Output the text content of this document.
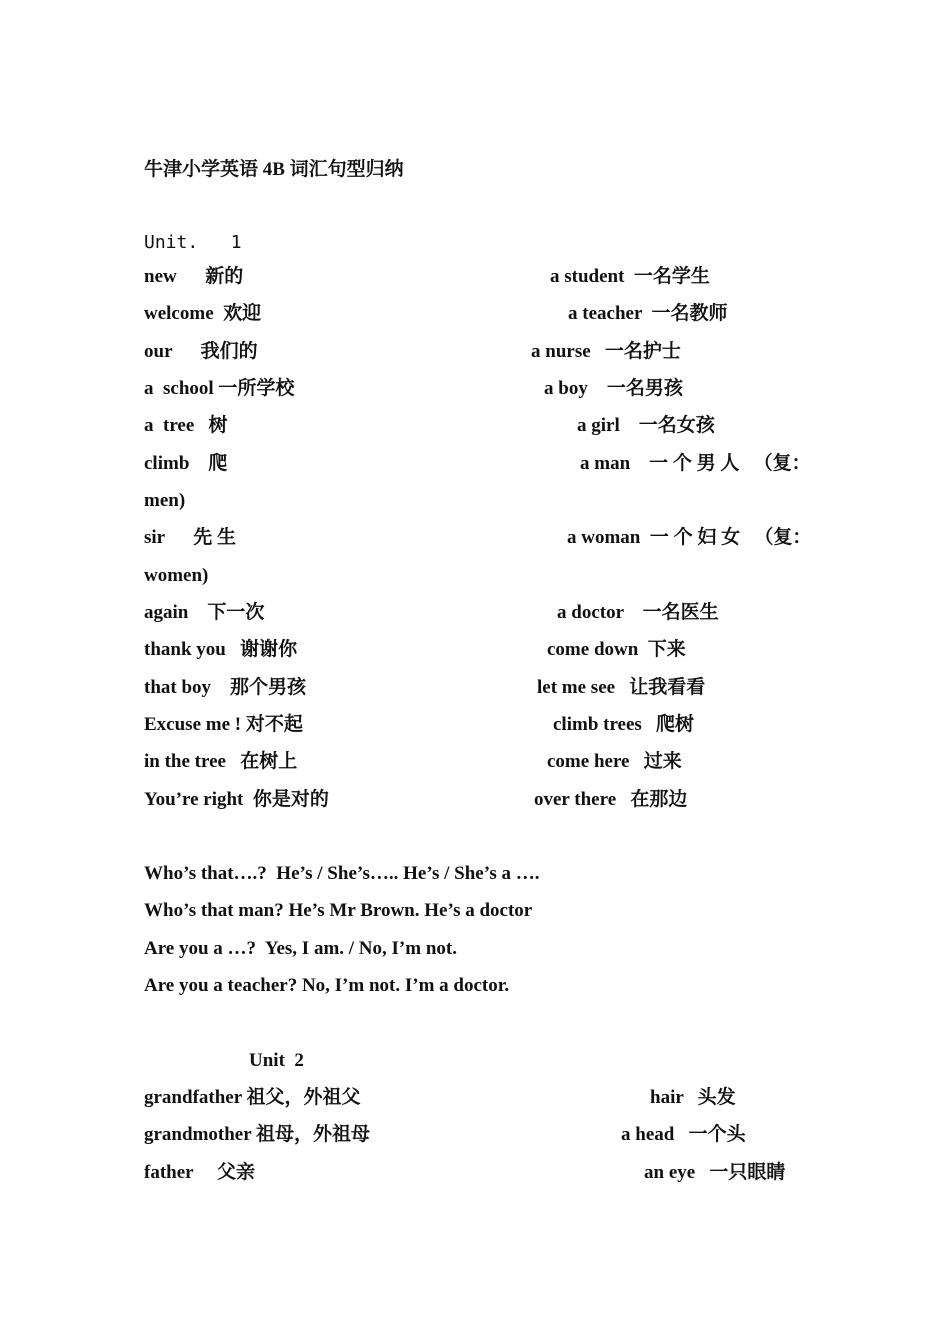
牛津小学英语 4B 词汇句型归纳
Unit.   1
new      新的
welcome  欢迎
our      我们的
a  school 一所学校
a  tree   树
climb    爬
men)
sir      先 生
women)
again    下一次
thank you   谢谢你
that boy    那个男孩
Excuse me ! 对不起
in the tree   在树上
You’re right  你是对的
a student  一名学生
a teacher  一名教师
a nurse   一名护士
a boy    一名男孩
a girl    一名女孩
a man    一 个 男 人   （复：
a woman  一 个 妇 女   （复：
a doctor    一名医生
come down  下来
let me see   让我看看
climb trees   爬树
come here   过来
over there   在那边
Who’s that….?  He’s / She’s….. He’s / She’s a ….
Who’s that man? He’s Mr Brown. He’s a doctor
Are you a …?  Yes, I am. / No, I’m not.
Are you a teacher? No, I’m not. I’m a doctor.
Unit  2
grandfather 祖父，外祖父
grandmother 祖母，外祖母
father     父亲
hair   头发
a head   一个头
an eye   一只眼睛
